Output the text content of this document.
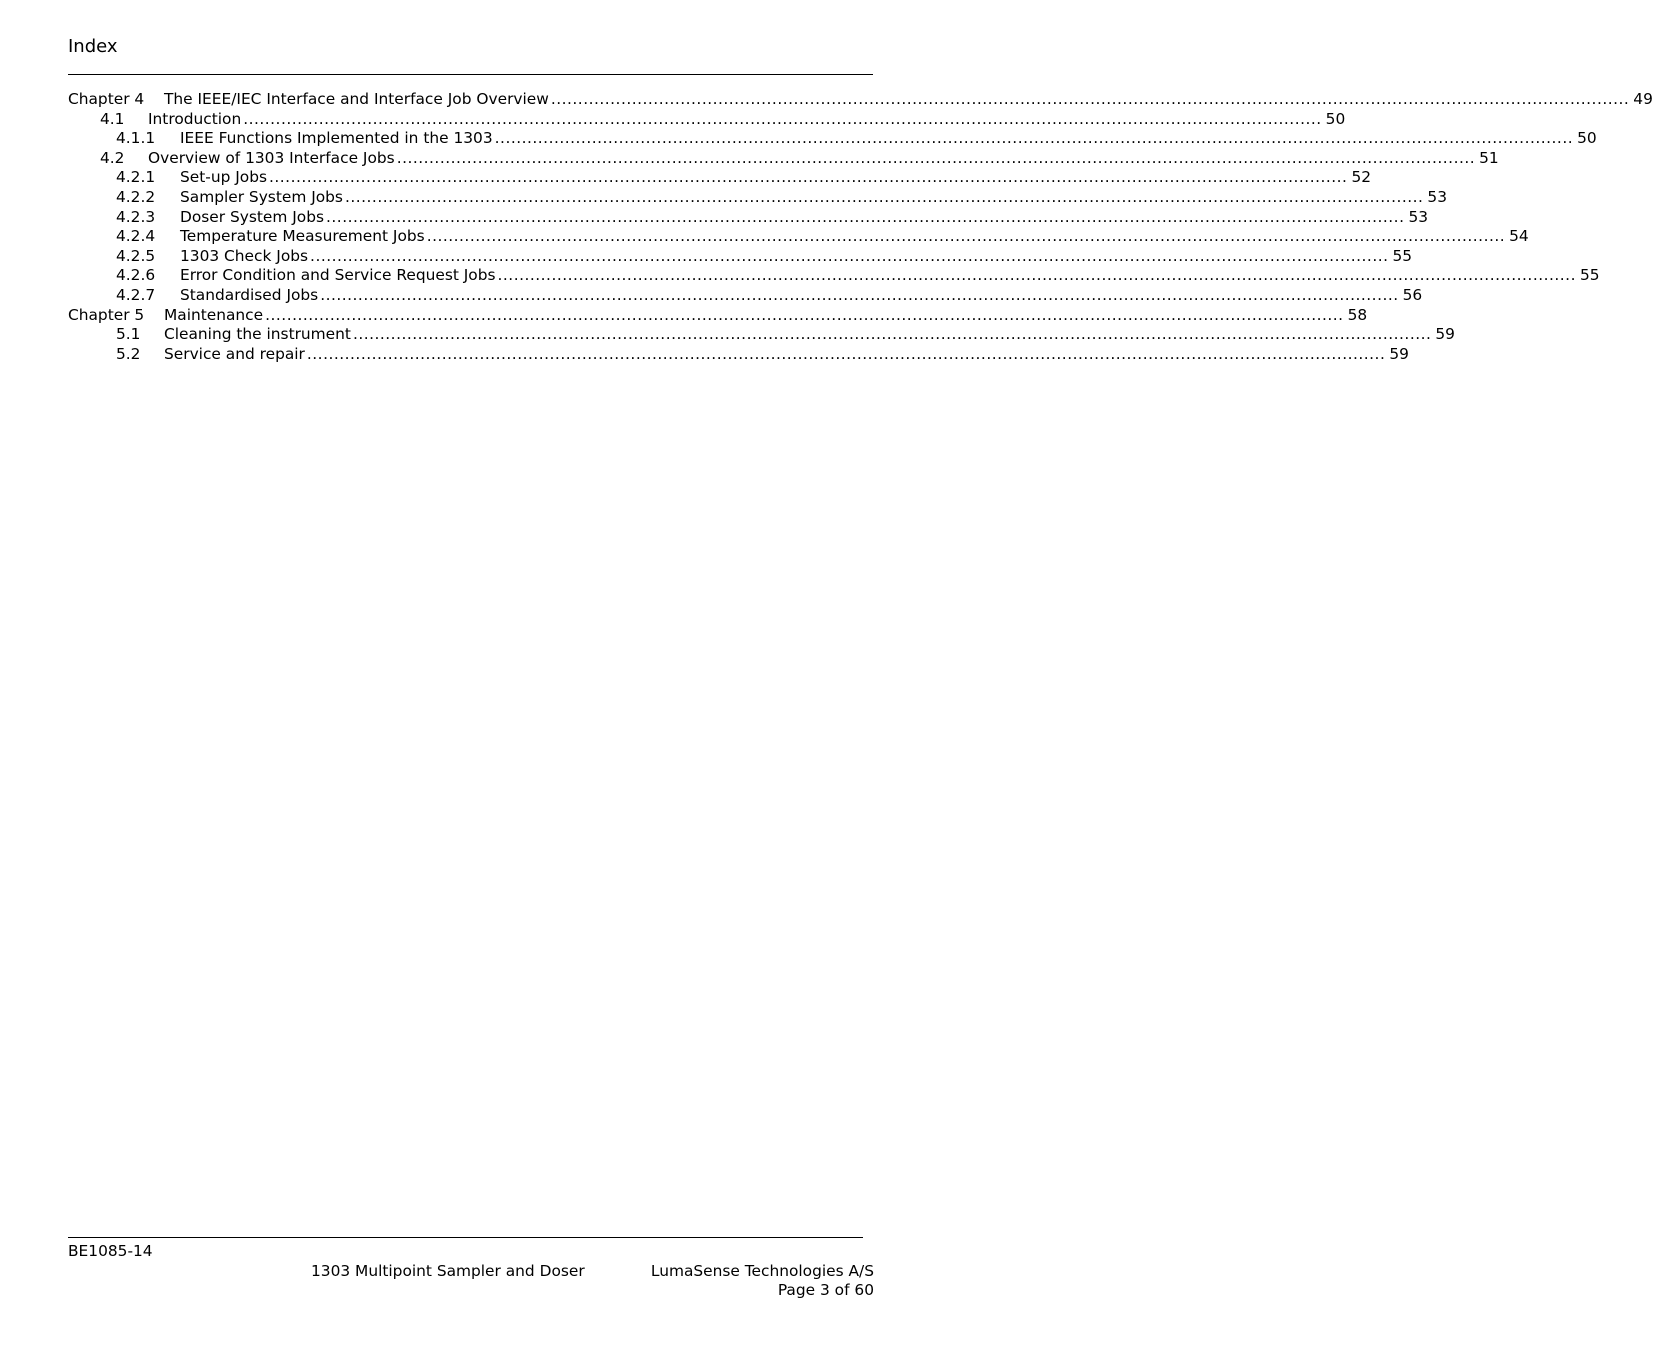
Index
Chapter 4 The IEEE/IEC Interface and Interface Job Overview ........................................................................................................................................................................................................ 49
4.1 Introduction ........................................................................................................................................................................................................ 50
4.1.1 IEEE Functions Implemented in the 1303 ........................................................................................................................................................................................................ 50
4.2 Overview of 1303 Interface Jobs ........................................................................................................................................................................................................ 51
4.2.1 Set-up Jobs ........................................................................................................................................................................................................ 52
4.2.2 Sampler System Jobs ........................................................................................................................................................................................................ 53
4.2.3 Doser System Jobs ........................................................................................................................................................................................................ 53
4.2.4 Temperature Measurement Jobs ........................................................................................................................................................................................................ 54
4.2.5 1303 Check Jobs ........................................................................................................................................................................................................ 55
4.2.6 Error Condition and Service Request Jobs ........................................................................................................................................................................................................ 55
4.2.7 Standardised Jobs ........................................................................................................................................................................................................ 56
Chapter 5 Maintenance ........................................................................................................................................................................................................ 58
5.1 Cleaning the instrument ........................................................................................................................................................................................................ 59
5.2 Service and repair ........................................................................................................................................................................................................ 59
BE1085-14
1303 Multipoint Sampler and Doser	LumaSense Technologies A/S
Page 3 of 60
